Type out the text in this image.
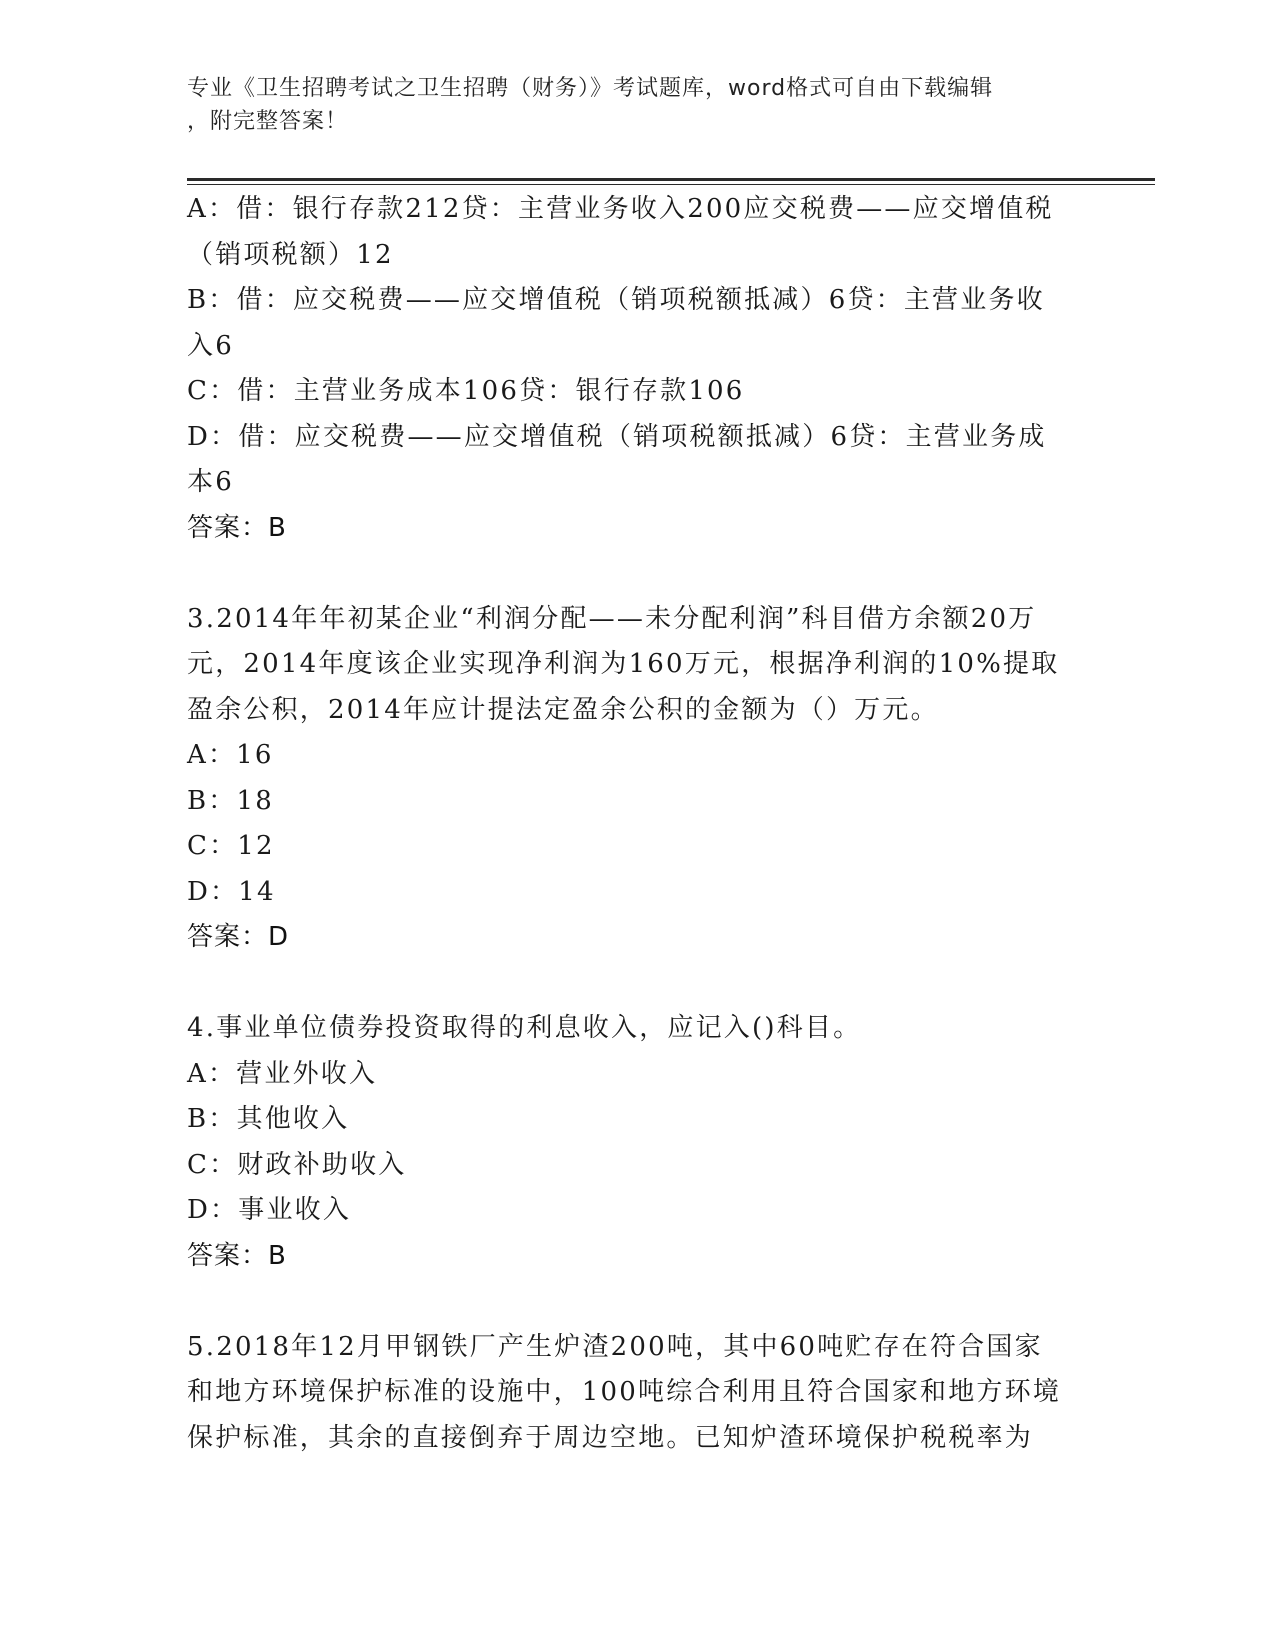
专业《卫生招聘考试之卫生招聘（财务）》考试题库，word格式可自由下载编辑
，附完整答案！
A：借：银行存款212贷：主营业务收入200应交税费——应交增值税
（销项税额）12
B：借：应交税费——应交增值税（销项税额抵减）6贷：主营业务收
入6
C：借：主营业务成本106贷：银行存款106
D：借：应交税费——应交增值税（销项税额抵减）6贷：主营业务成
本6
答案：B
3.2014年年初某企业“利润分配——未分配利润”科目借方余额20万
元，2014年度该企业实现净利润为160万元，根据净利润的10%提取
盈余公积，2014年应计提法定盈余公积的金额为（）万元。
A：16
B：18
C：12
D：14
答案：D
4.事业单位债券投资取得的利息收入，应记入()科目。
A：营业外收入
B：其他收入
C：财政补助收入
D：事业收入
答案：B
5.2018年12月甲钢铁厂产生炉渣200吨，其中60吨贮存在符合国家
和地方环境保护标准的设施中，100吨综合利用且符合国家和地方环境
保护标准，其余的直接倒弃于周边空地。已知炉渣环境保护税税率为
